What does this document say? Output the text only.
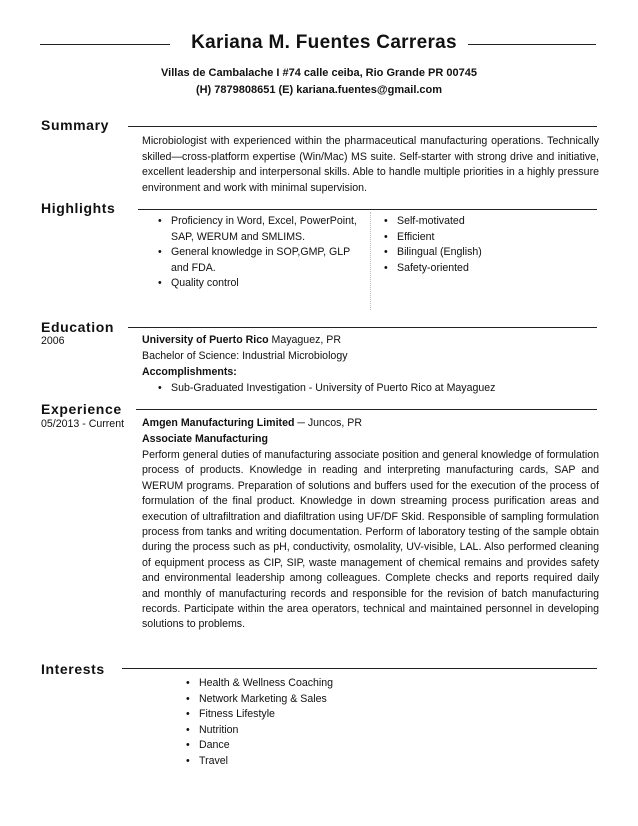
Kariana M. Fuentes Carreras
Villas de Cambalache I #74 calle ceiba, Rio Grande PR 00745
(H) 7879808651 (E) kariana.fuentes@gmail.com
Summary
Microbiologist with experienced within the pharmaceutical manufacturing operations. Technically skilled—cross-platform expertise (Win/Mac) MS suite. Self-starter with strong drive and initiative, excellent leadership and interpersonal skills. Able to handle multiple priorities in a highly pressure environment and work with minimal supervision.
Highlights
• Proficiency in Word, Excel, PowerPoint, SAP, WERUM and SMLIMS.
• General knowledge in SOP,GMP, GLP and FDA.
• Quality control
• Self-motivated
• Efficient
• Bilingual (English)
• Safety-oriented
Education
2006	University of Puerto Rico Mayaguez, PR
Bachelor of Science: Industrial Microbiology
Accomplishments:
• Sub-Graduated Investigation - University of Puerto Rico at Mayaguez
Experience
05/2013 - Current Amgen Manufacturing Limited ─ Juncos, PR
Associate Manufacturing
Perform general duties of manufacturing associate position and general knowledge of formulation process of products. Knowledge in reading and interpreting manufacturing cards, SAP and WERUM programs. Preparation of solutions and buffers used for the execution of the process of formulation of the final product. Knowledge in down streaming process purification areas and execution of ultrafiltration and diafiltration using UF/DF Skid. Responsible of sampling formulation process from tanks and writing documentation. Perform of laboratory testing of the sample obtain during the process such as pH, conductivity, osmolality, UV-visible, LAL. Also performed cleaning of equipment process as CIP, SIP, waste management of chemical remains and provides safety and environmental leadership among colleagues. Complete checks and reports required daily and monthly of manufacturing records and responsible for the revision of batch manufacturing records. Participate within the area operators, technical and maintained personnel in developing solutions to problems.
Interests
• Health & Wellness Coaching
• Network Marketing & Sales
• Fitness Lifestyle
• Nutrition
• Dance
• Travel
